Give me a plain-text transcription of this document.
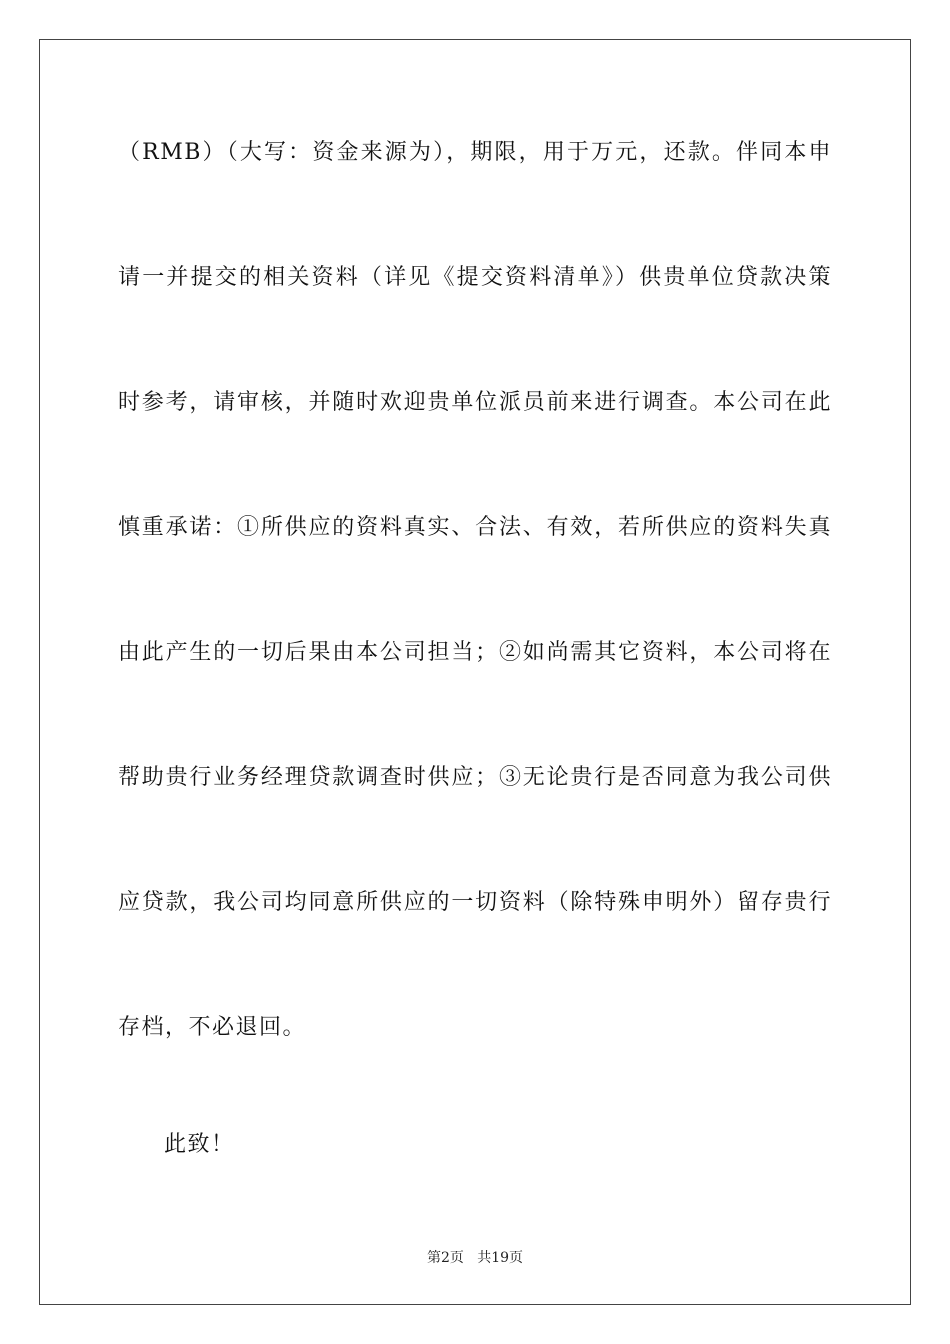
（RMB）（大写：资金来源为），期限，用于万元，还款。伴同本申
请一并提交的相关资料（详见《提交资料清单》）供贵单位贷款决策
时参考，请审核，并随时欢迎贵单位派员前来进行调查。本公司在此
慎重承诺：①所供应的资料真实、合法、有效，若所供应的资料失真
由此产生的一切后果由本公司担当；②如尚需其它资料，本公司将在
帮助贵行业务经理贷款调查时供应；③无论贵行是否同意为我公司供
应贷款，我公司均同意所供应的一切资料（除特殊申明外）留存贵行
存档，不必退回。
此致！
第2页   共19页
